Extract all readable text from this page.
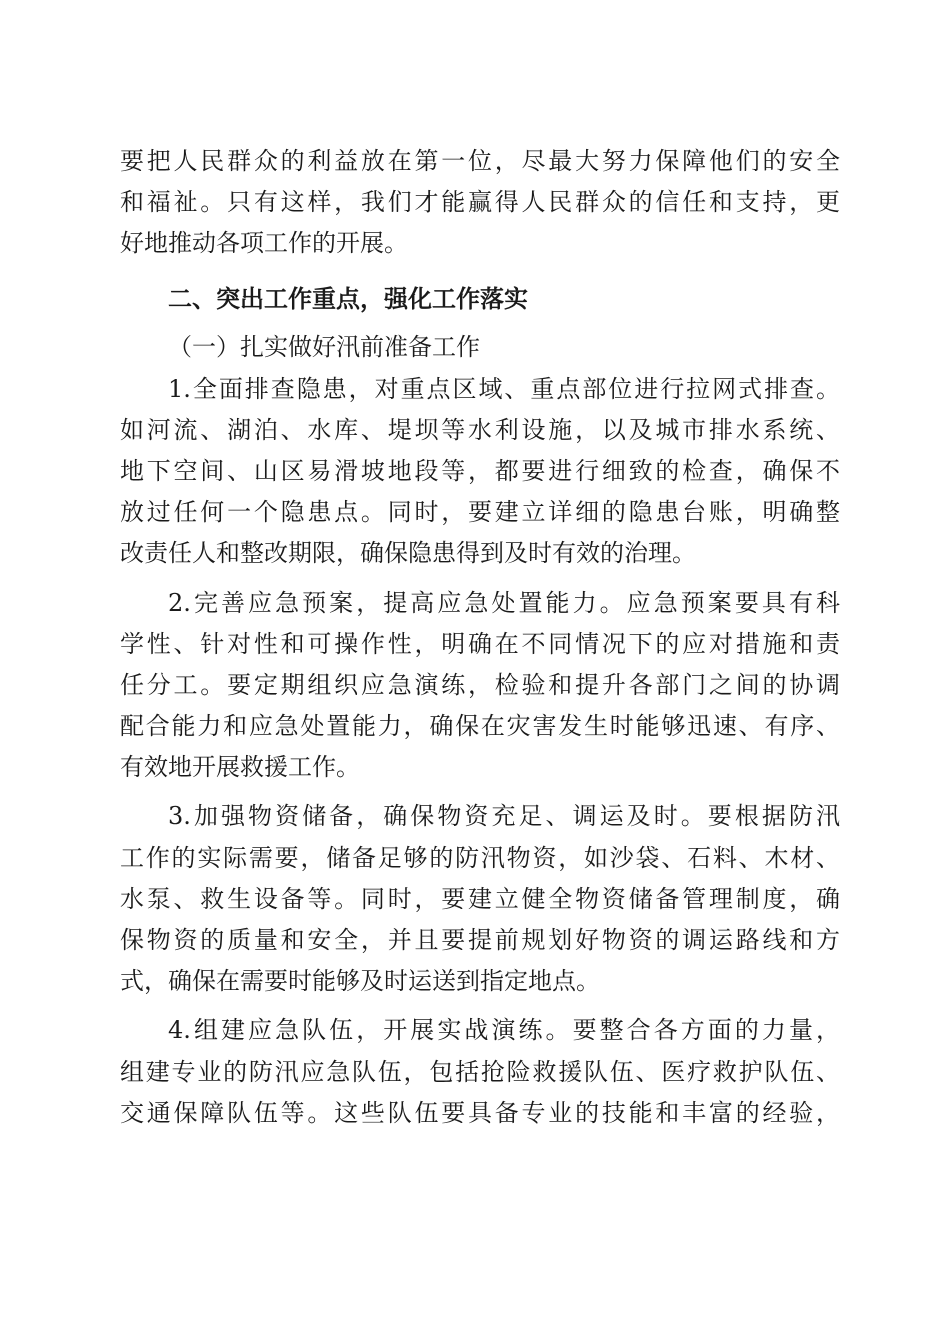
要把人民群众的利益放在第一位，尽最大努力保障他们的安全
和福祉。只有这样，我们才能赢得人民群众的信任和支持，更
好地推动各项工作的开展。
二、突出工作重点，强化工作落实
（一）扎实做好汛前准备工作
1.全面排查隐患，对重点区域、重点部位进行拉网式排查。
如河流、湖泊、水库、堤坝等水利设施，以及城市排水系统、
地下空间、山区易滑坡地段等，都要进行细致的检查，确保不
放过任何一个隐患点。同时，要建立详细的隐患台账，明确整
改责任人和整改期限，确保隐患得到及时有效的治理。
2.完善应急预案，提高应急处置能力。应急预案要具有科
学性、针对性和可操作性，明确在不同情况下的应对措施和责
任分工。要定期组织应急演练，检验和提升各部门之间的协调
配合能力和应急处置能力，确保在灾害发生时能够迅速、有序、
有效地开展救援工作。
3.加强物资储备，确保物资充足、调运及时。要根据防汛
工作的实际需要，储备足够的防汛物资，如沙袋、石料、木材、
水泵、救生设备等。同时，要建立健全物资储备管理制度，确
保物资的质量和安全，并且要提前规划好物资的调运路线和方
式，确保在需要时能够及时运送到指定地点。
4.组建应急队伍，开展实战演练。要整合各方面的力量，
组建专业的防汛应急队伍，包括抢险救援队伍、医疗救护队伍、
交通保障队伍等。这些队伍要具备专业的技能和丰富的经验，
